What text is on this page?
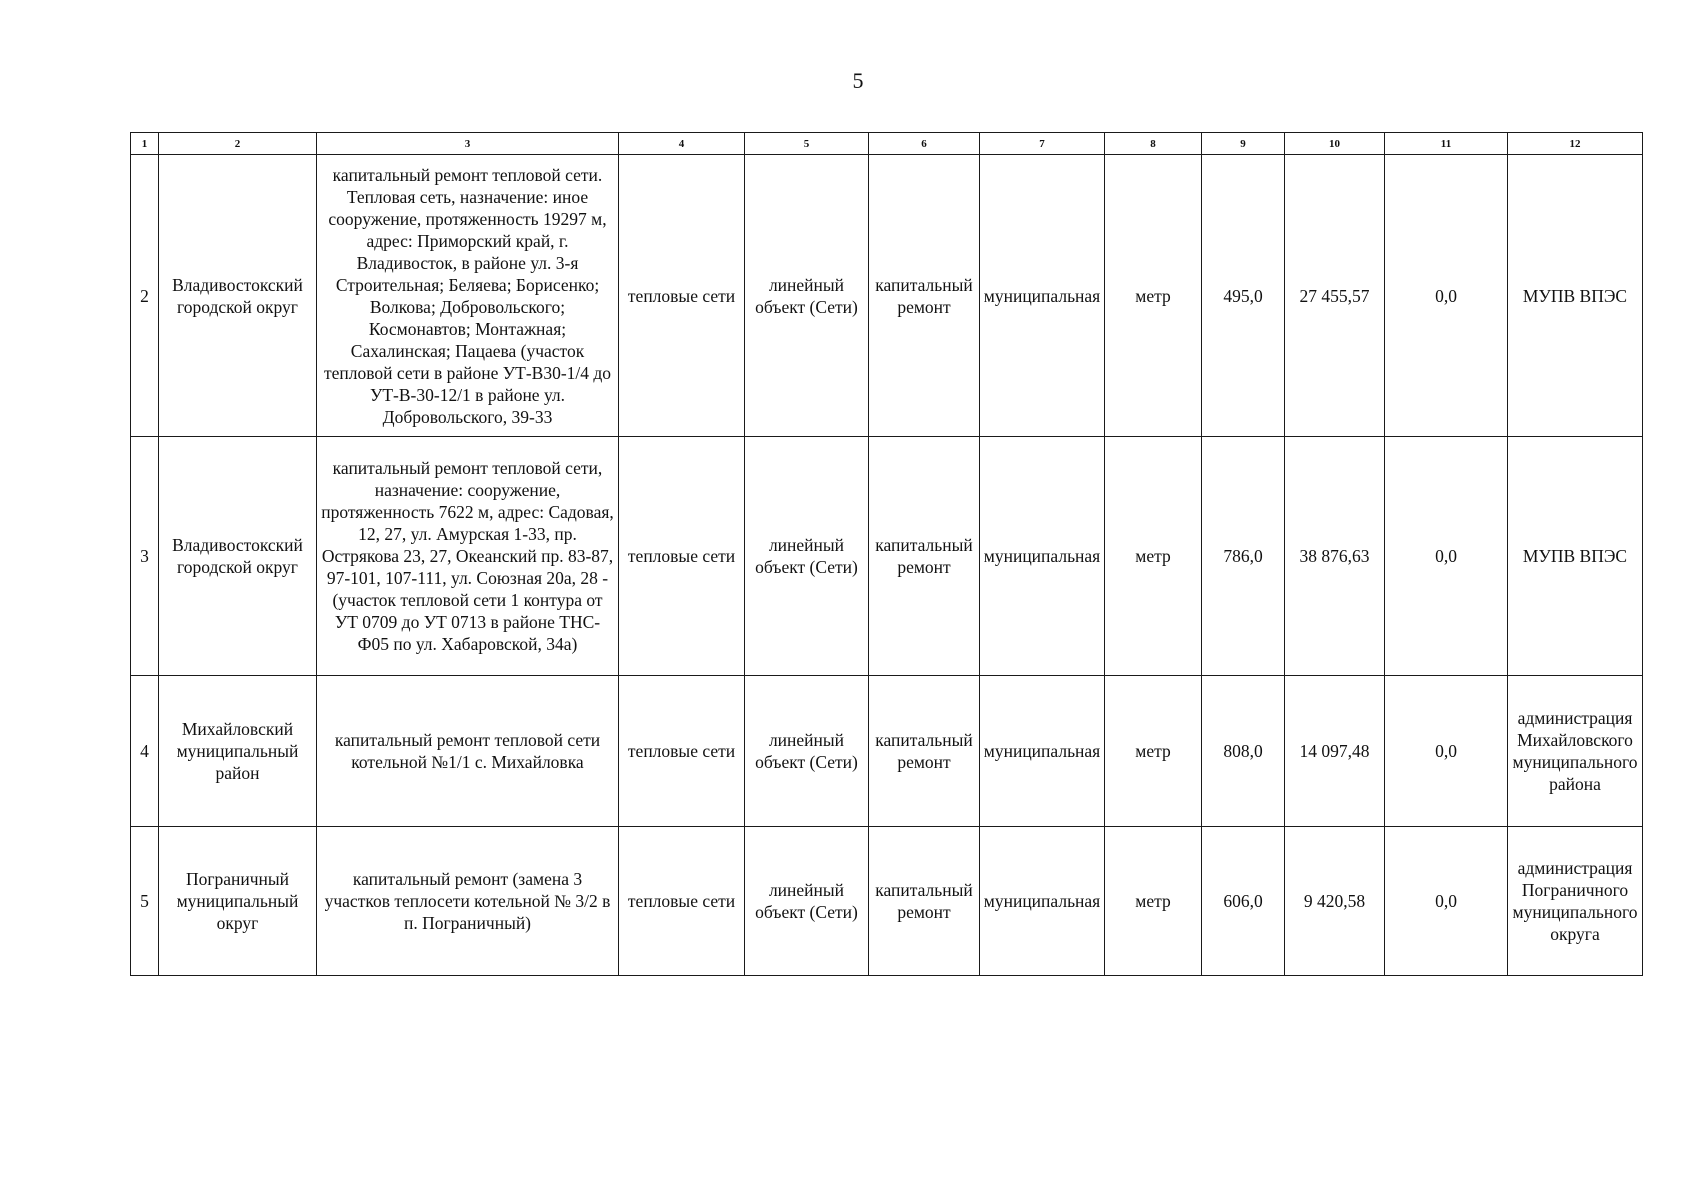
5
1	2	3	4	5	6	7	8	9	10	11	12
2	Владивостокский городской округ	капитальный ремонт тепловой сети. Тепловая сеть, назначение: иное сооружение, протяженность 19297 м, адрес: Приморский край, г. Владивосток, в районе ул. 3-я Строительная; Беляева; Борисенко; Волкова; Добровольского; Космонавтов; Монтажная; Сахалинская; Пацаева (участок тепловой сети в районе УТ-В30-1/4 до УТ-В-30-12/1 в районе ул. Добровольского, 39-33	тепловые сети	линейный объект (Сети)	капитальный ремонт	муниципальная	метр	495,0	27 455,57	0,0	МУПВ ВПЭС
3	Владивостокский городской округ	капитальный ремонт тепловой сети, назначение: сооружение, протяженность 7622 м, адрес: Садовая, 12, 27, ул. Амурская 1-33, пр. Острякова 23, 27, Океанский пр. 83-87, 97-101, 107-111, ул. Союзная 20а, 28 - (участок тепловой сети 1 контура от УТ 0709 до УТ 0713 в районе ТНС-Ф05 по ул. Хабаровской, 34а)	тепловые сети	линейный объект (Сети)	капитальный ремонт	муниципальная	метр	786,0	38 876,63	0,0	МУПВ ВПЭС
4	Михайловский муниципальный район	капитальный ремонт тепловой сети котельной №1/1 с. Михайловка	тепловые сети	линейный объект (Сети)	капитальный ремонт	муниципальная	метр	808,0	14 097,48	0,0	администрация Михайловского муниципального района
5	Пограничный муниципальный округ	капитальный ремонт (замена 3 участков теплосети котельной № 3/2 в п. Пограничный)	тепловые сети	линейный объект (Сети)	капитальный ремонт	муниципальная	метр	606,0	9 420,58	0,0	администрация Пограничного муниципального округа
